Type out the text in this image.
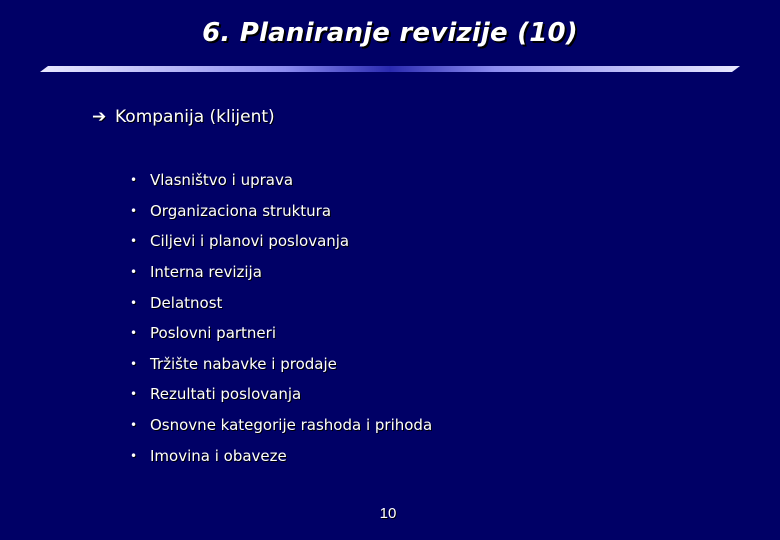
6. Planiranje revizije (10)
➔ Kompanija (klijent)
• Vlasništvo i uprava
• Organizaciona struktura
• Ciljevi i planovi poslovanja
• Interna revizija
• Delatnost
• Poslovni partneri
• Tržište nabavke i prodaje
• Rezultati poslovanja
• Osnovne kategorije rashoda i prihoda
• Imovina i obaveze
10
